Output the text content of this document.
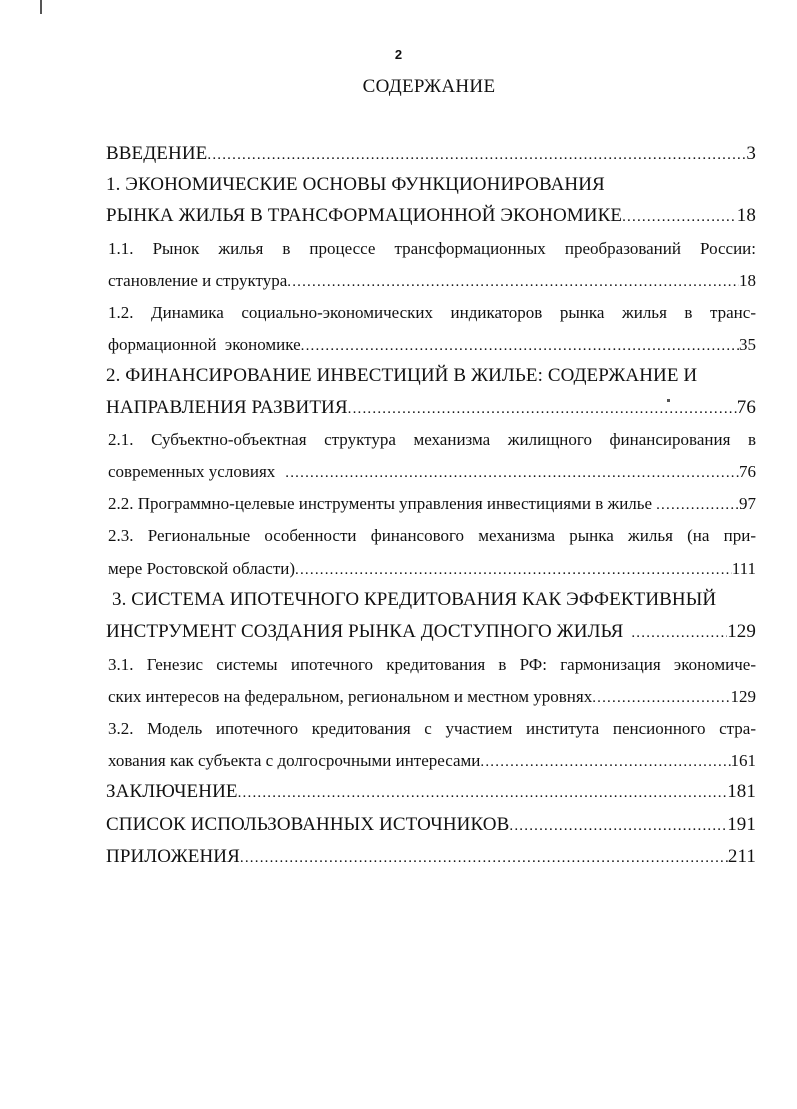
2
СОДЕРЖАНИЕ
ВВЕДЕНИЕ .....	3
1. ЭКОНОМИЧЕСКИЕ ОСНОВЫ ФУНКЦИОНИРОВАНИЯ
РЫНКА ЖИЛЬЯ В ТРАНСФОРМАЦИОННОЙ ЭКОНОМИКЕ .....	18
1.1. Рынок жилья в процессе трансформационных преобразований России:
становление и структура .....	18
1.2. Динамика социально-экономических индикаторов рынка жилья в транс-
формационной  экономике .....	35
2. ФИНАНСИРОВАНИЕ ИНВЕСТИЦИЙ В ЖИЛЬЕ: СОДЕРЖАНИЕ И
НАПРАВЛЕНИЯ РАЗВИТИЯ .....	76
2.1. Субъектно-объектная структура механизма жилищного финансирования в
современных условиях .....	76
2.2. Программно-целевые инструменты управления инвестициями в жилье .....	97
2.3. Региональные особенности финансового механизма рынка жилья (на при-
мере Ростовской области) .....	111
3. СИСТЕМА ИПОТЕЧНОГО КРЕДИТОВАНИЯ КАК ЭФФЕКТИВНЫЙ
ИНСТРУМЕНТ СОЗДАНИЯ РЫНКА ДОСТУПНОГО ЖИЛЬЯ .....	129
3.1. Генезис системы ипотечного кредитования в РФ: гармонизация экономиче-
ских интересов на федеральном, региональном и местном уровнях .....	129
3.2. Модель ипотечного кредитования с участием института пенсионного стра-
хования как субъекта с долгосрочными интересами .....	161
ЗАКЛЮЧЕНИЕ .....	181
СПИСОК ИСПОЛЬЗОВАННЫХ ИСТОЧНИКОВ .....	191
ПРИЛОЖЕНИЯ .....	211
